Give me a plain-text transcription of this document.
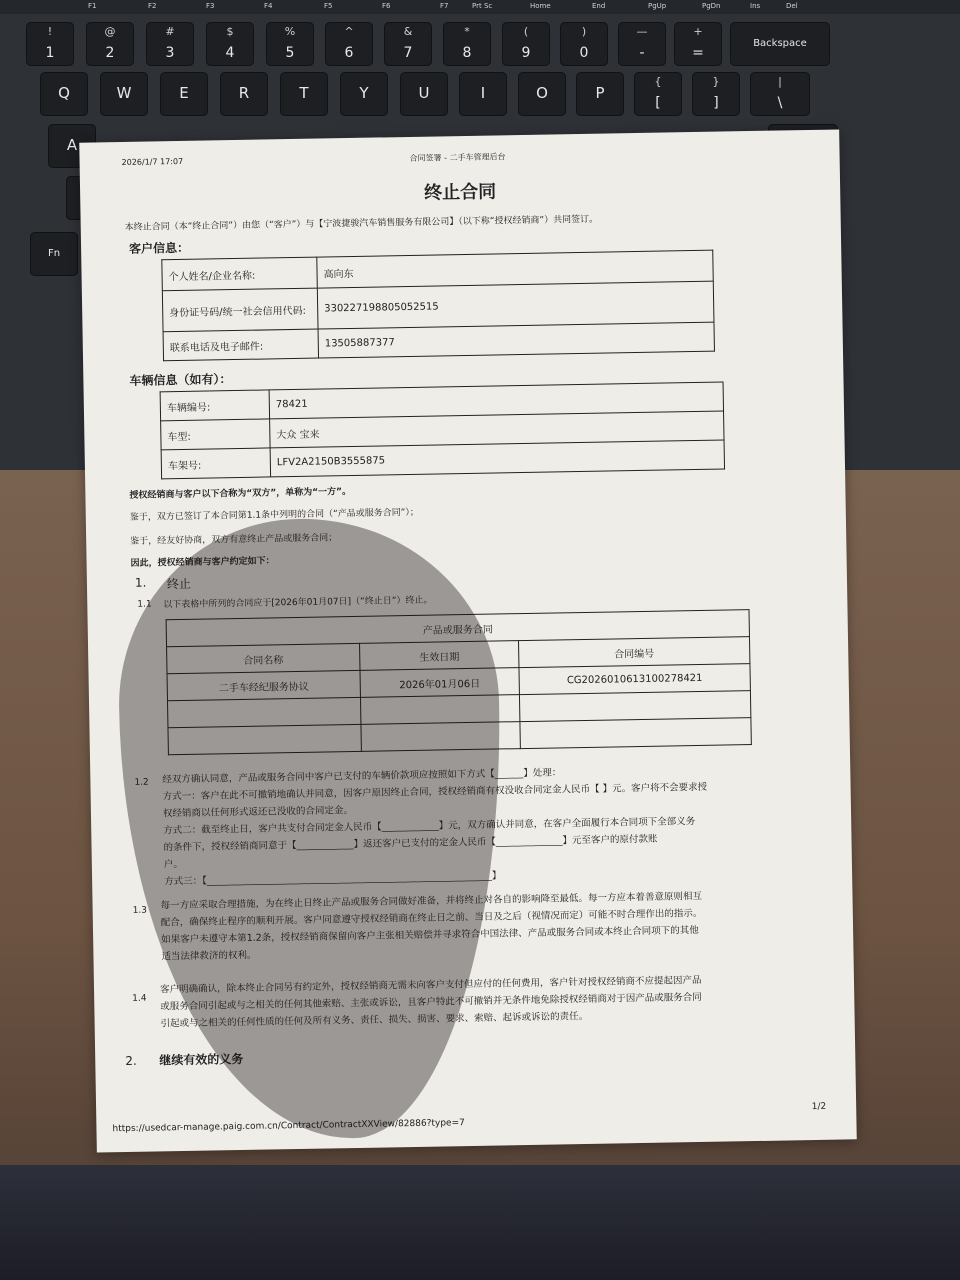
F1	F2	F3	F4	F5	F6	F7	Prt Sc	Home	End	PgUp	PgDn	Ins	Del
!
1
@
2
#
3
$
4
%
5
^
6
&
7
*
8
(
9
)
0
—
-
+
=
Backspace
Q	W	E	R	T	Y	U	I	O	P
{
[
}
]
|
\
A
Fn
2026/1/7 17:07	合同签署 - 二手车管理后台
终止合同
本终止合同（本“终止合同”）由您（“客户”）与【宁波捷骏汽车销售服务有限公司】（以下称“授权经销商”）共同签订。
客户信息：
个人姓名/企业名称:	高向东
身份证号码/统一社会信用代码:	330227198805052515
联系电话及电子邮件:	13505887377
车辆信息（如有）：
车辆编号:	78421
车型:	大众 宝来
车架号:	LFV2A2150B3555875
授权经销商与客户以下合称为“双方”，单称为“一方”。
鉴于，双方已签订了本合同第1.1条中列明的合同（“产品或服务合同”）；
鉴于，经友好协商，双方有意终止产品或服务合同；
因此，授权经销商与客户约定如下：
1. 终止
1.1 以下表格中所列的合同应于[2026年01月07日]（“终止日”）终止。
产品或服务合同		
合同名称	生效日期	合同编号
二手车经纪服务协议	2026年01月06日	CG2026010613100278421

1.2 经双方确认同意，产品或服务合同中客户已支付的车辆价款项应按照如下方式【______】处理：
方式一：客户在此不可撤销地确认并同意，因客户原因终止合同，授权经销商有权没收合同定金人民币【 】元。客户将不会要求授
权经销商以任何形式返还已没收的合同定金。
方式二：截至终止日，客户共支付合同定金人民币【____________】元，双方确认并同意，在客户全面履行本合同项下全部义务
的条件下，授权经销商同意于【____________】返还客户已支付的定金人民币【______________】元至客户的原付款账
户。
方式三：【____________________________________________________________】
1.3 每一方应采取合理措施，为在终止日终止产品或服务合同做好准备，并将终止对各自的影响降至最低。每一方应本着善意原则相互
配合，确保终止程序的顺利开展。客户同意遵守授权经销商在终止日之前、当日及之后（视情况而定）可能不时合理作出的指示。
如果客户未遵守本第1.2条，授权经销商保留向客户主张相关赔偿并寻求符合中国法律、产品或服务合同或本终止合同项下的其他
适当法律救济的权利。
1.4
客户明确确认，除本终止合同另有约定外，授权经销商无需未向客户支付但应付的任何费用，客户针对授权经销商不应提起因产品
或服务合同引起或与之相关的任何其他索赔、主张或诉讼，且客户特此不可撤销并无条件地免除授权经销商对于因产品或服务合同
引起或与之相关的任何性质的任何及所有义务、责任、损失、损害、要求、索赔、起诉或诉讼的责任。
2. 继续有效的义务
1/2
https://usedcar-manage.paig.com.cn/Contract/ContractXXView/82886?type=7
